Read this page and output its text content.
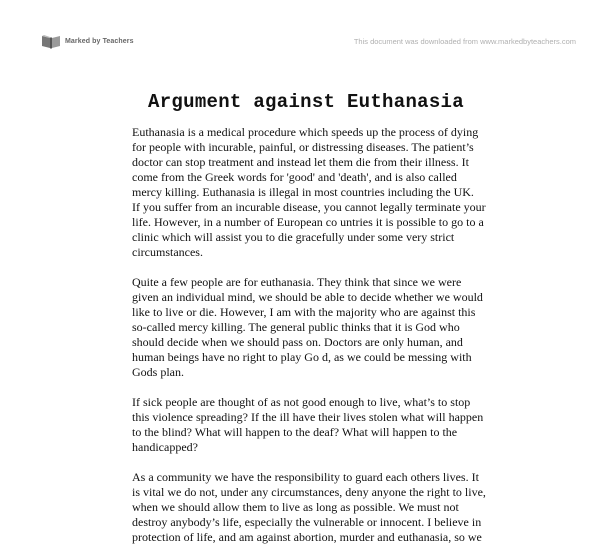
Marked by Teachers	This document was downloaded from www.markedbyteachers.com
Argument against Euthanasia

Euthanasia is a medical procedure which speeds up the process of dying
for people with incurable, painful, or distressing diseases. The patient’s
doctor can stop treatment and instead let them die from their illness. It
come from the Greek words for 'good' and 'death', and is also called
mercy killing. Euthanasia is illegal in most countries including the UK.
If you suffer from an incurable disease, you cannot legally terminate your
life. However, in a number of European co untries it is possible to go to a
clinic which will assist you to die gracefully under some very strict
circumstances.

Quite a few people are for euthanasia. They think that since we were
given an individual mind, we should be able to decide whether we would
like to live or die. However, I am with the majority who are against this
so-called mercy killing. The general public thinks that it is God who
should decide when we should pass on. Doctors are only human, and
human beings have no right to play Go d, as we could be messing with
Gods plan.

If sick people are thought of as not good enough to live, what’s to stop
this violence spreading? If the ill have their lives stolen what will happen
to the blind? What will happen to the deaf? What will happen to the
handicapped?

As a community we have the responsibility to guard each others lives. It
is vital we do not, under any circumstances, deny anyone the right to live,
when we should allow them to live as long as possible. We must not
destroy anybody’s life, especially the vulnerable or innocent. I believe in
protection of life, and am against abortion, murder and euthanasia, so we
